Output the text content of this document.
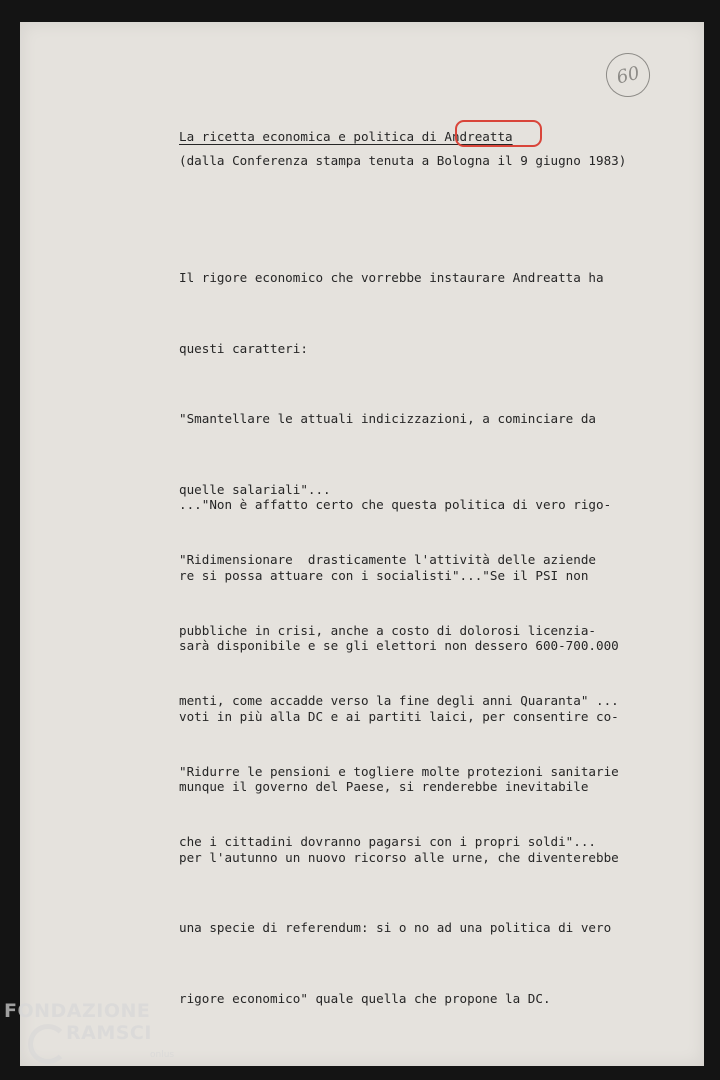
60
La ricetta economica e politica di Andreatta
(dalla Conferenza stampa tenuta a Bologna il 9 giugno 1983)

Il rigore economico che vorrebbe instaurare Andreatta ha

questi caratteri:

"Smantellare le attuali indicizzazioni, a cominciare da

quelle salariali"...

"Ridimensionare  drasticamente l'attività delle aziende

pubbliche in crisi, anche a costo di dolorosi licenzia-

menti, come accadde verso la fine degli anni Quaranta" ...

"Ridurre le pensioni e togliere molte protezioni sanitarie

che i cittadini dovranno pagarsi con i propri soldi"...

..."Non è affatto certo che questa politica di vero rigo-

re si possa attuare con i socialisti"..."Se il PSI non

sarà disponibile e se gli elettori non dessero 600-700.000

voti in più alla DC e ai partiti laici, per consentire co-

munque il governo del Paese, si renderebbe inevitabile

per l'autunno un nuovo ricorso alle urne, che diventerebbe

una specie di referendum: si o no ad una politica di vero

rigore economico" quale quella che propone la DC.

FONDAZIONE
RAMSCI
onlus
